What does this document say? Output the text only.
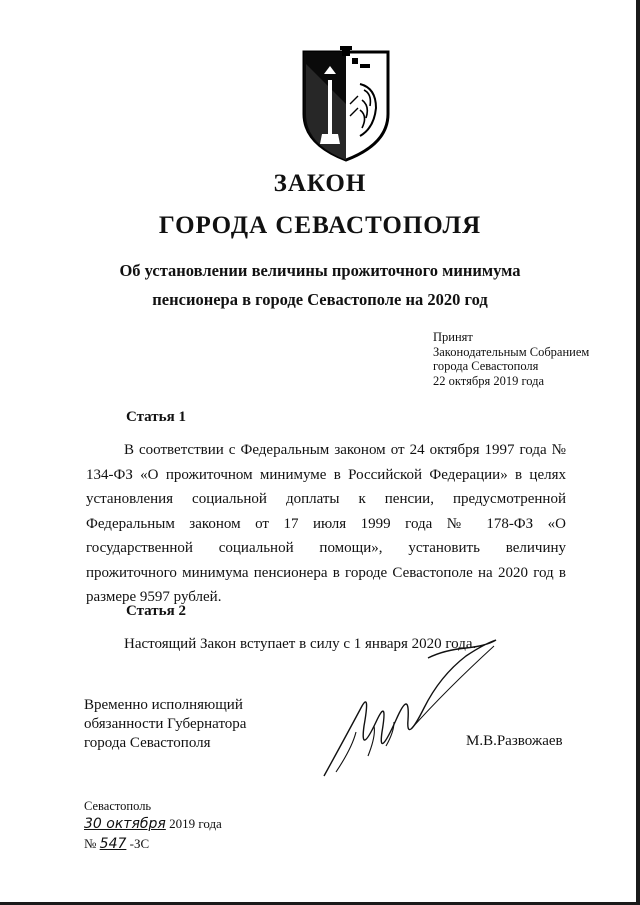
ЗАКОН
ГОРОДА СЕВАСТОПОЛЯ
Об установлении величины прожиточного минимума
пенсионера в городе Севастополе на 2020 год
Принят
Законодательным Собранием
города Севастополя
22 октября 2019 года
Статья 1

В соответствии с Федеральным законом от 24 октября 1997 года № 134-ФЗ «О прожиточном минимуме в Российской Федерации» в целях установления социальной доплаты к пенсии, предусмотренной Федеральным законом от 17 июля 1999 года № 178-ФЗ «О государственной социальной помощи», установить величину прожиточного минимума пенсионера в городе Севастополе на 2020 год в размере 9597 рублей.

Статья 2

Настоящий Закон вступает в силу с 1 января 2020 года.

Временно исполняющий
обязанности Губернатора
города Севастополя	М.В.Развожаев
Севастополь
30 октября 2019 года
№ 547 -ЗС
